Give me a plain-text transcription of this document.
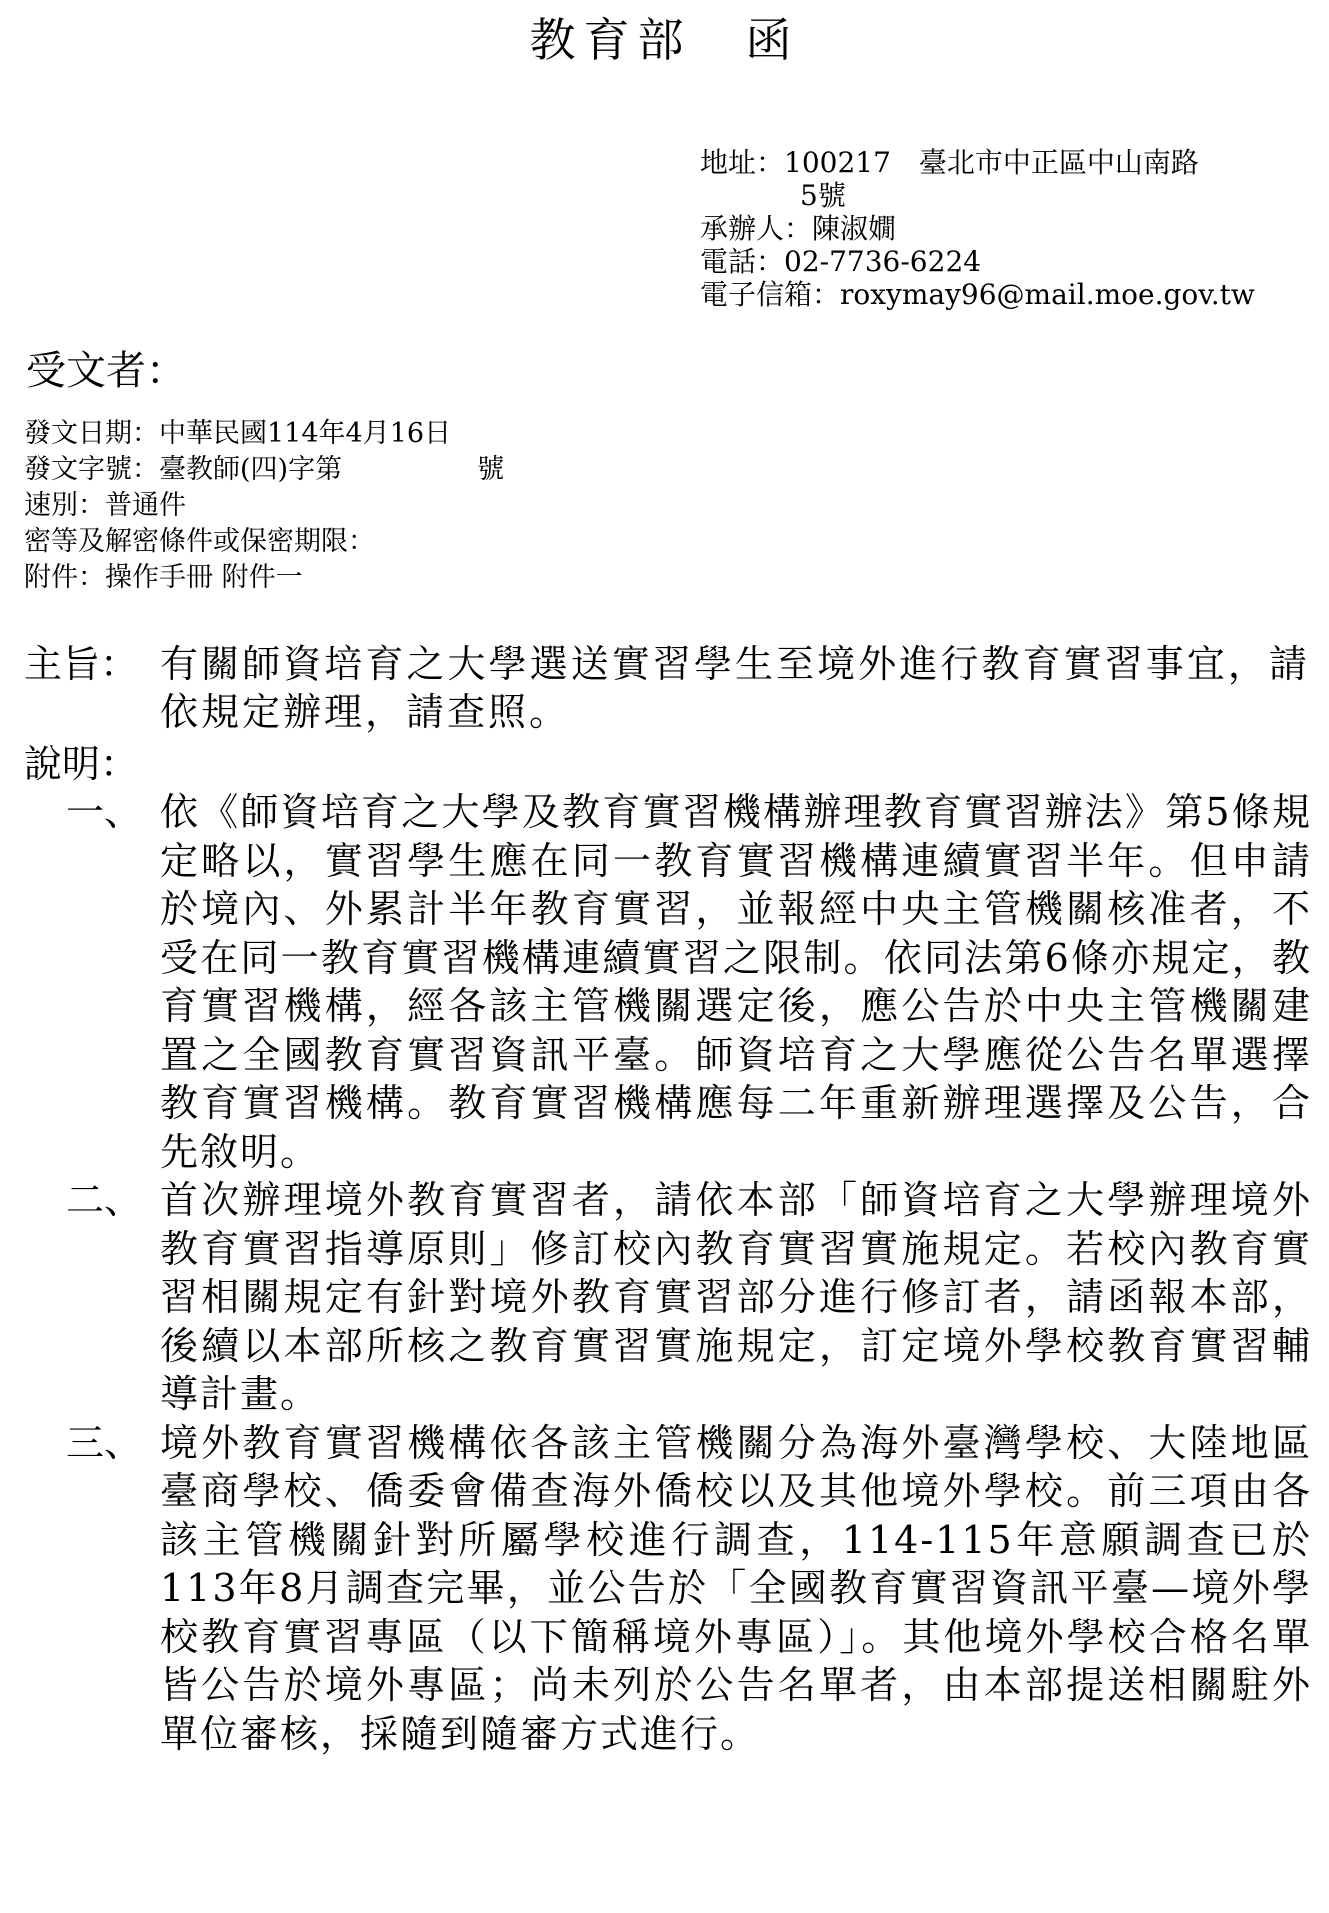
教育部　函
地址：100217　臺北市中正區中山南路
5號
承辦人：陳淑嫺
電話：02-7736-6224
電子信箱：roxymay96@mail.moe.gov.tw
受文者：
發文日期：中華民國114年4月16日
發文字號：臺教師(四)字第　　　　　號
速別：普通件
密等及解密條件或保密期限：
附件：操作手冊 附件一
主旨： 有關師資培育之大學選送實習學生至境外進行教育實習事宜，請依規定辦理，請查照。
說明：
一、 依《師資培育之大學及教育實習機構辦理教育實習辦法》第5條規定略以，實習學生應在同一教育實習機構連續實習半年。但申請於境內、外累計半年教育實習，並報經中央主管機關核准者，不受在同一教育實習機構連續實習之限制。依同法第6條亦規定，教育實習機構，經各該主管機關選定後，應公告於中央主管機關建置之全國教育實習資訊平臺。師資培育之大學應從公告名單選擇教育實習機構。教育實習機構應每二年重新辦理選擇及公告，合先敘明。
二、 首次辦理境外教育實習者，請依本部「師資培育之大學辦理境外教育實習指導原則」修訂校內教育實習實施規定。若校內教育實習相關規定有針對境外教育實習部分進行修訂者，請函報本部，後續以本部所核之教育實習實施規定，訂定境外學校教育實習輔導計畫。
三、 境外教育實習機構依各該主管機關分為海外臺灣學校、大陸地區臺商學校、僑委會備查海外僑校以及其他境外學校。前三項由各該主管機關針對所屬學校進行調查，114-115年意願調查已於113年8月調查完畢，並公告於「全國教育實習資訊平臺—境外學校教育實習專區（以下簡稱境外專區）」。其他境外學校合格名單皆公告於境外專區；尚未列於公告名單者，由本部提送相關駐外單位審核，採隨到隨審方式進行。
